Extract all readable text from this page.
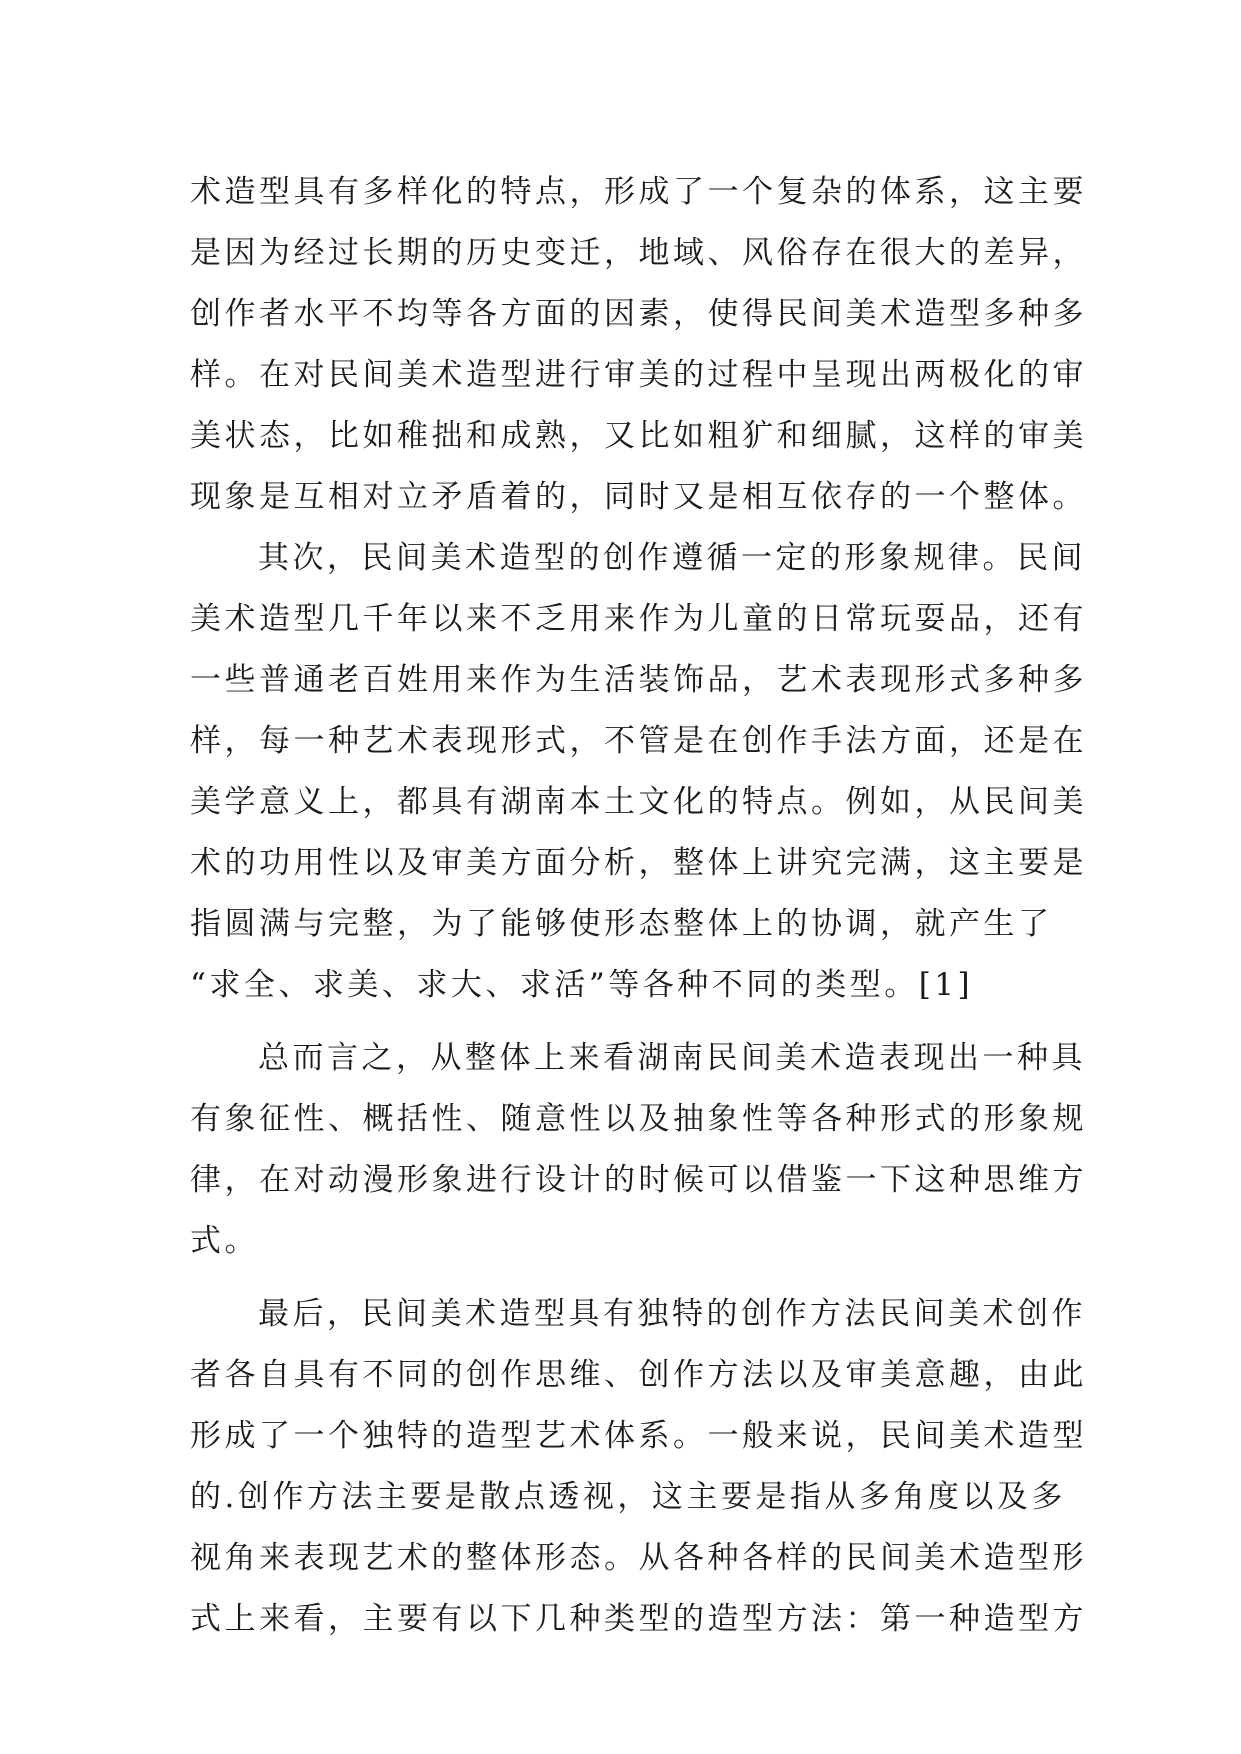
术造型具有多样化的特点，形成了一个复杂的体系，这主要
是因为经过长期的历史变迁，地域、风俗存在很大的差异，
创作者水平不均等各方面的因素，使得民间美术造型多种多
样。在对民间美术造型进行审美的过程中呈现出两极化的审
美状态，比如稚拙和成熟，又比如粗犷和细腻，这样的审美
现象是互相对立矛盾着的，同时又是相互依存的一个整体。
其次，民间美术造型的创作遵循一定的形象规律。民间
美术造型几千年以来不乏用来作为儿童的日常玩耍品，还有
一些普通老百姓用来作为生活装饰品，艺术表现形式多种多
样，每一种艺术表现形式，不管是在创作手法方面，还是在
美学意义上，都具有湖南本土文化的特点。例如，从民间美
术的功用性以及审美方面分析，整体上讲究完满，这主要是
指圆满与完整，为了能够使形态整体上的协调，就产生了
“求全、求美、求大、求活”等各种不同的类型。[1]
总而言之，从整体上来看湖南民间美术造表现出一种具
有象征性、概括性、随意性以及抽象性等各种形式的形象规
律，在对动漫形象进行设计的时候可以借鉴一下这种思维方
式。
最后，民间美术造型具有独特的创作方法民间美术创作
者各自具有不同的创作思维、创作方法以及审美意趣，由此
形成了一个独特的造型艺术体系。一般来说，民间美术造型
的.创作方法主要是散点透视，这主要是指从多角度以及多
视角来表现艺术的整体形态。从各种各样的民间美术造型形
式上来看，主要有以下几种类型的造型方法：第一种造型方
